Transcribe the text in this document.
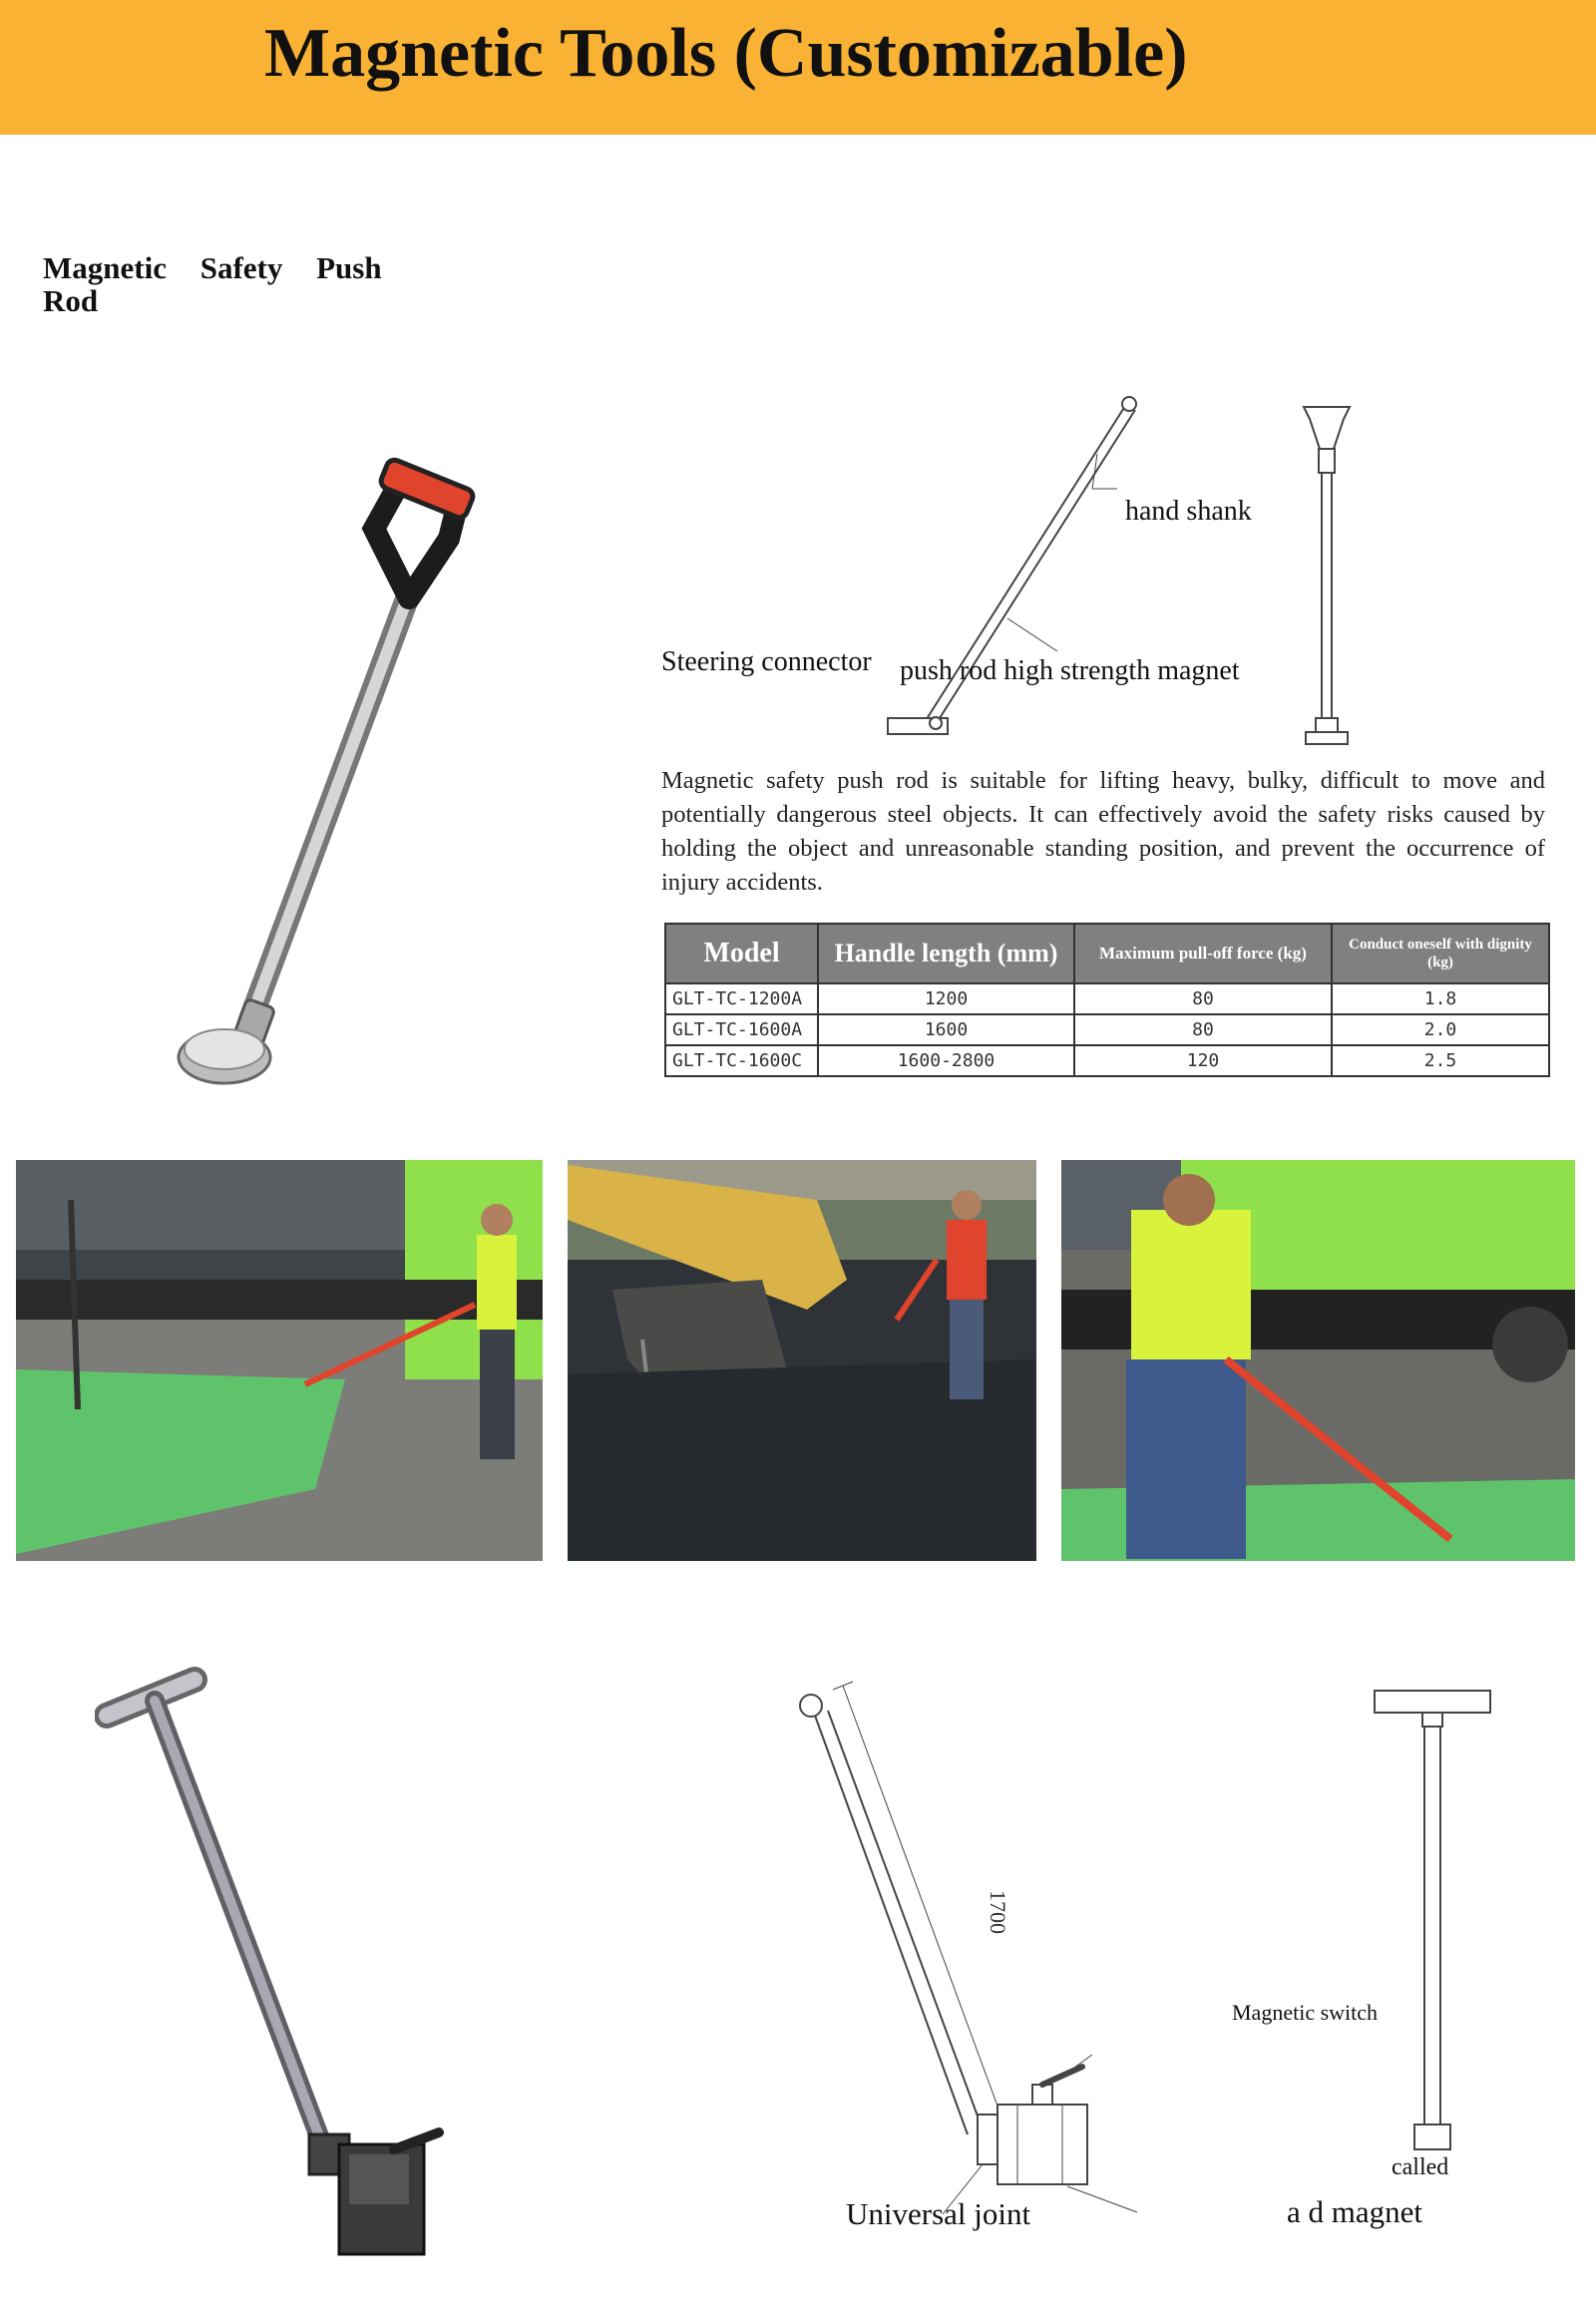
Magnetic Tools (Customizable)
Magnetic Safety Push Rod
hand shank
Steering connector push rod high strength magnet
Magnetic safety push rod is suitable for lifting heavy, bulky, difficult to move and potentially dangerous steel objects. It can effectively avoid the safety risks caused by holding the object and unreasonable standing position, and prevent the occurrence of injury accidents.
Model	Handle length (mm)	Maximum pull-off force (kg)	Conduct oneself with dignity (kg)
GLT-TC-1200A	1200	80	1.8
GLT-TC-1600A	1600	80	2.0
GLT-TC-1600C	1600-2800	120	2.5
1700
Magnetic switch
called
Universal joint	a d magnet
